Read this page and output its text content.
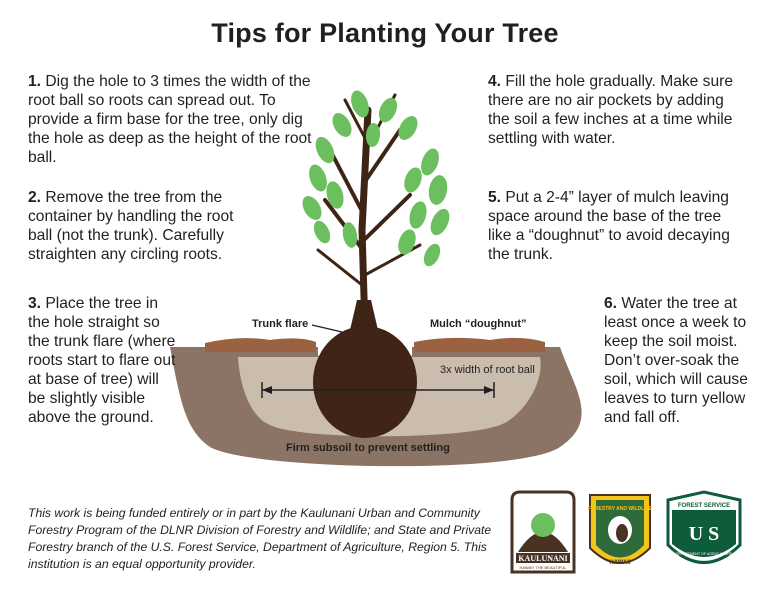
KAULUNANI
HAWAI‘I THE BEAUTIFUL
FORESTRY AND WILDLIFE
HAWAII
FOREST SERVICE
U S
DEPARTMENT OF AGRICULTURE
Tips for Planting Your Tree
1. Dig the hole to 3 times the width of the root ball so roots can spread out. To provide a firm base for the tree, only dig the hole as deep as the height of the root ball.
2. Remove the tree from the container by handling the root ball (not the trunk). Carefully straighten any circling roots.
3. Place the tree in the hole straight so the trunk flare (where roots start to flare out at base of tree) will be slightly visible above the ground.
4. Fill the hole gradually. Make sure there are no air pockets by adding the soil a few inches at a time while settling with water.
5. Put a 2-4” layer of mulch leaving space around the base of the tree like a “doughnut” to avoid decaying the trunk.
6. Water the tree at least once a week to keep the soil moist. Don’t over-soak the soil, which will cause leaves to turn yellow and fall off.
Trunk flare	Mulch “doughnut”
3x width of root ball
Firm subsoil to prevent settling
This work is being funded entirely or in part by the Kaulunani Urban and Community Forestry Program of the DLNR Division of Forestry and Wildlife; and State and Private Forestry branch of the U.S. Forest Service, Department of Agriculture, Region 5. This institution is an equal opportunity provider.
